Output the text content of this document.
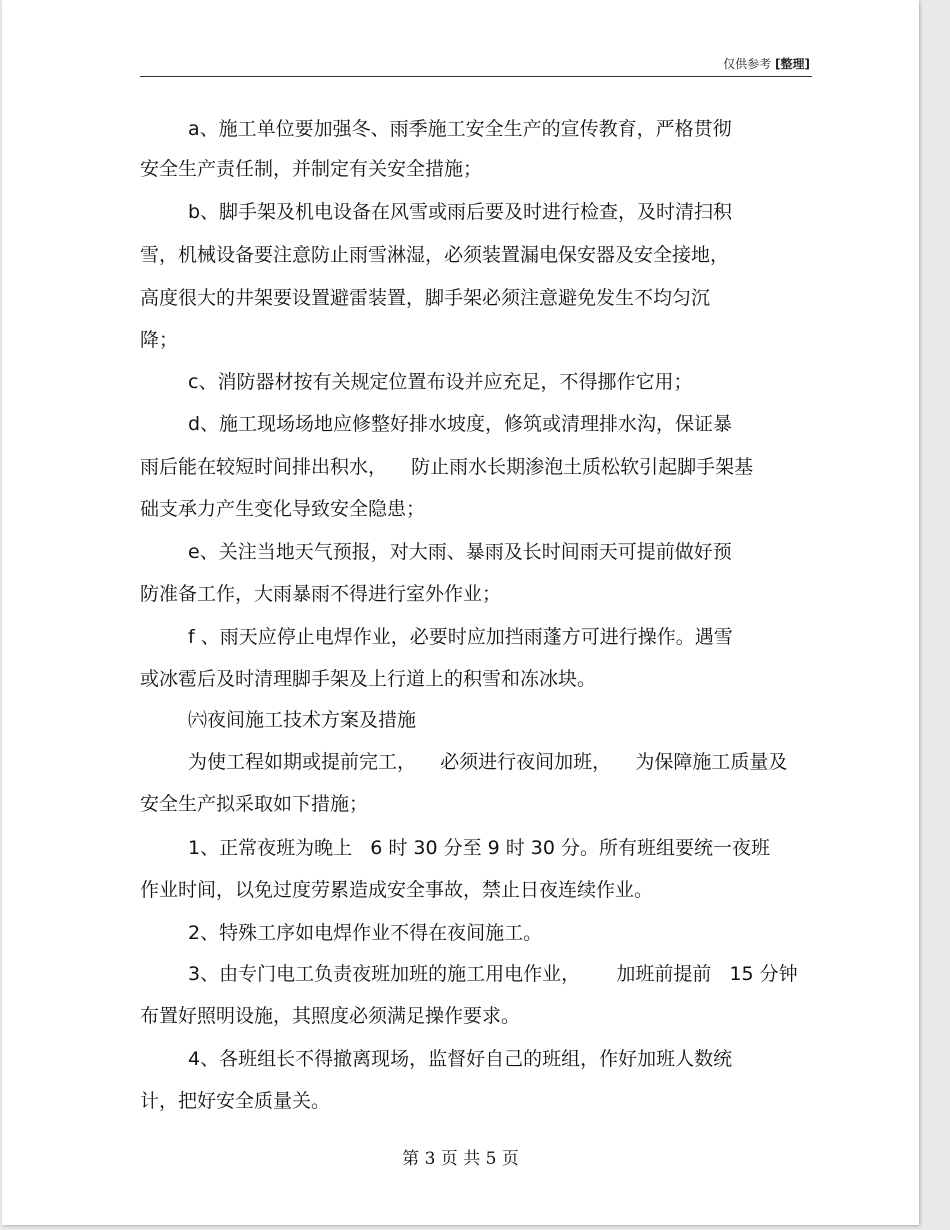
仅供参考 [整理]
a、施工单位要加强冬、雨季施工安全生产的宣传教育，严格贯彻
安全生产责任制，并制定有关安全措施；
b、脚手架及机电设备在风雪或雨后要及时进行检查，及时清扫积
雪，机械设备要注意防止雨雪淋湿，必须装置漏电保安器及安全接地，
高度很大的井架要设置避雷装置，脚手架必须注意避免发生不均匀沉
降；
c、消防器材按有关规定位置布设并应充足，不得挪作它用；
d、施工现场场地应修整好排水坡度，修筑或清理排水沟，保证暴
雨后能在较短时间排出积水，    防止雨水长期渗泡土质松软引起脚手架基
础支承力产生变化导致安全隐患；
e、关注当地天气预报，对大雨、暴雨及长时间雨天可提前做好预
防准备工作，大雨暴雨不得进行室外作业；
f 、雨天应停止电焊作业，必要时应加挡雨蓬方可进行操作。遇雪
或冰雹后及时清理脚手架及上行道上的积雪和冻冰块。
㈥夜间施工技术方案及措施
为使工程如期或提前完工，    必须进行夜间加班，    为保障施工质量及
安全生产拟采取如下措施；
1、正常夜班为晚上   6 时 30 分至 9 时 30 分。所有班组要统一夜班
作业时间，以免过度劳累造成安全事故，禁止日夜连续作业。
2、特殊工序如电焊作业不得在夜间施工。
3、由专门电工负责夜班加班的施工用电作业，      加班前提前   15 分钟
布置好照明设施，其照度必须满足操作要求。
4、各班组长不得撤离现场，监督好自己的班组，作好加班人数统
计，把好安全质量关。
第 3 页 共 5 页
